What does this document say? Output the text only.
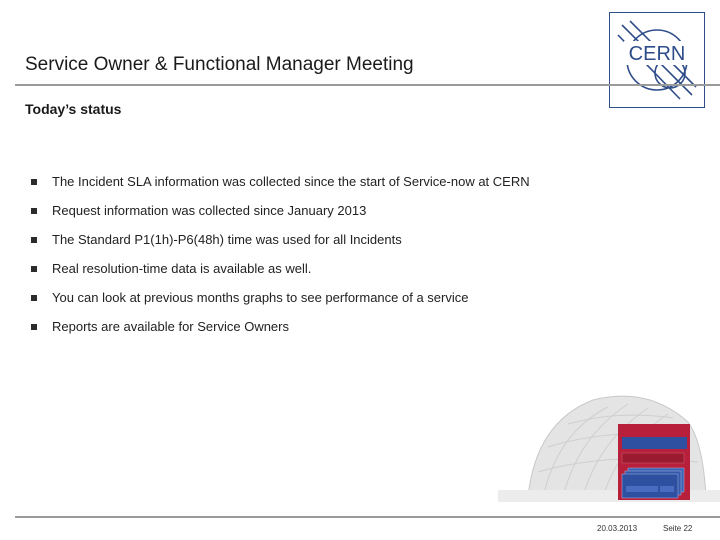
Service Owner & Functional Manager Meeting	CERN
Today’s status
The Incident SLA information was collected since the start of Service-now at CERN
Request information was collected since January 2013
The Standard P1(1h)-P6(48h) time was used for all Incidents
Real resolution-time data is available as well.
You can look at previous months graphs to see performance of a service
Reports are available for Service Owners
20.03.2013	Seite 22
